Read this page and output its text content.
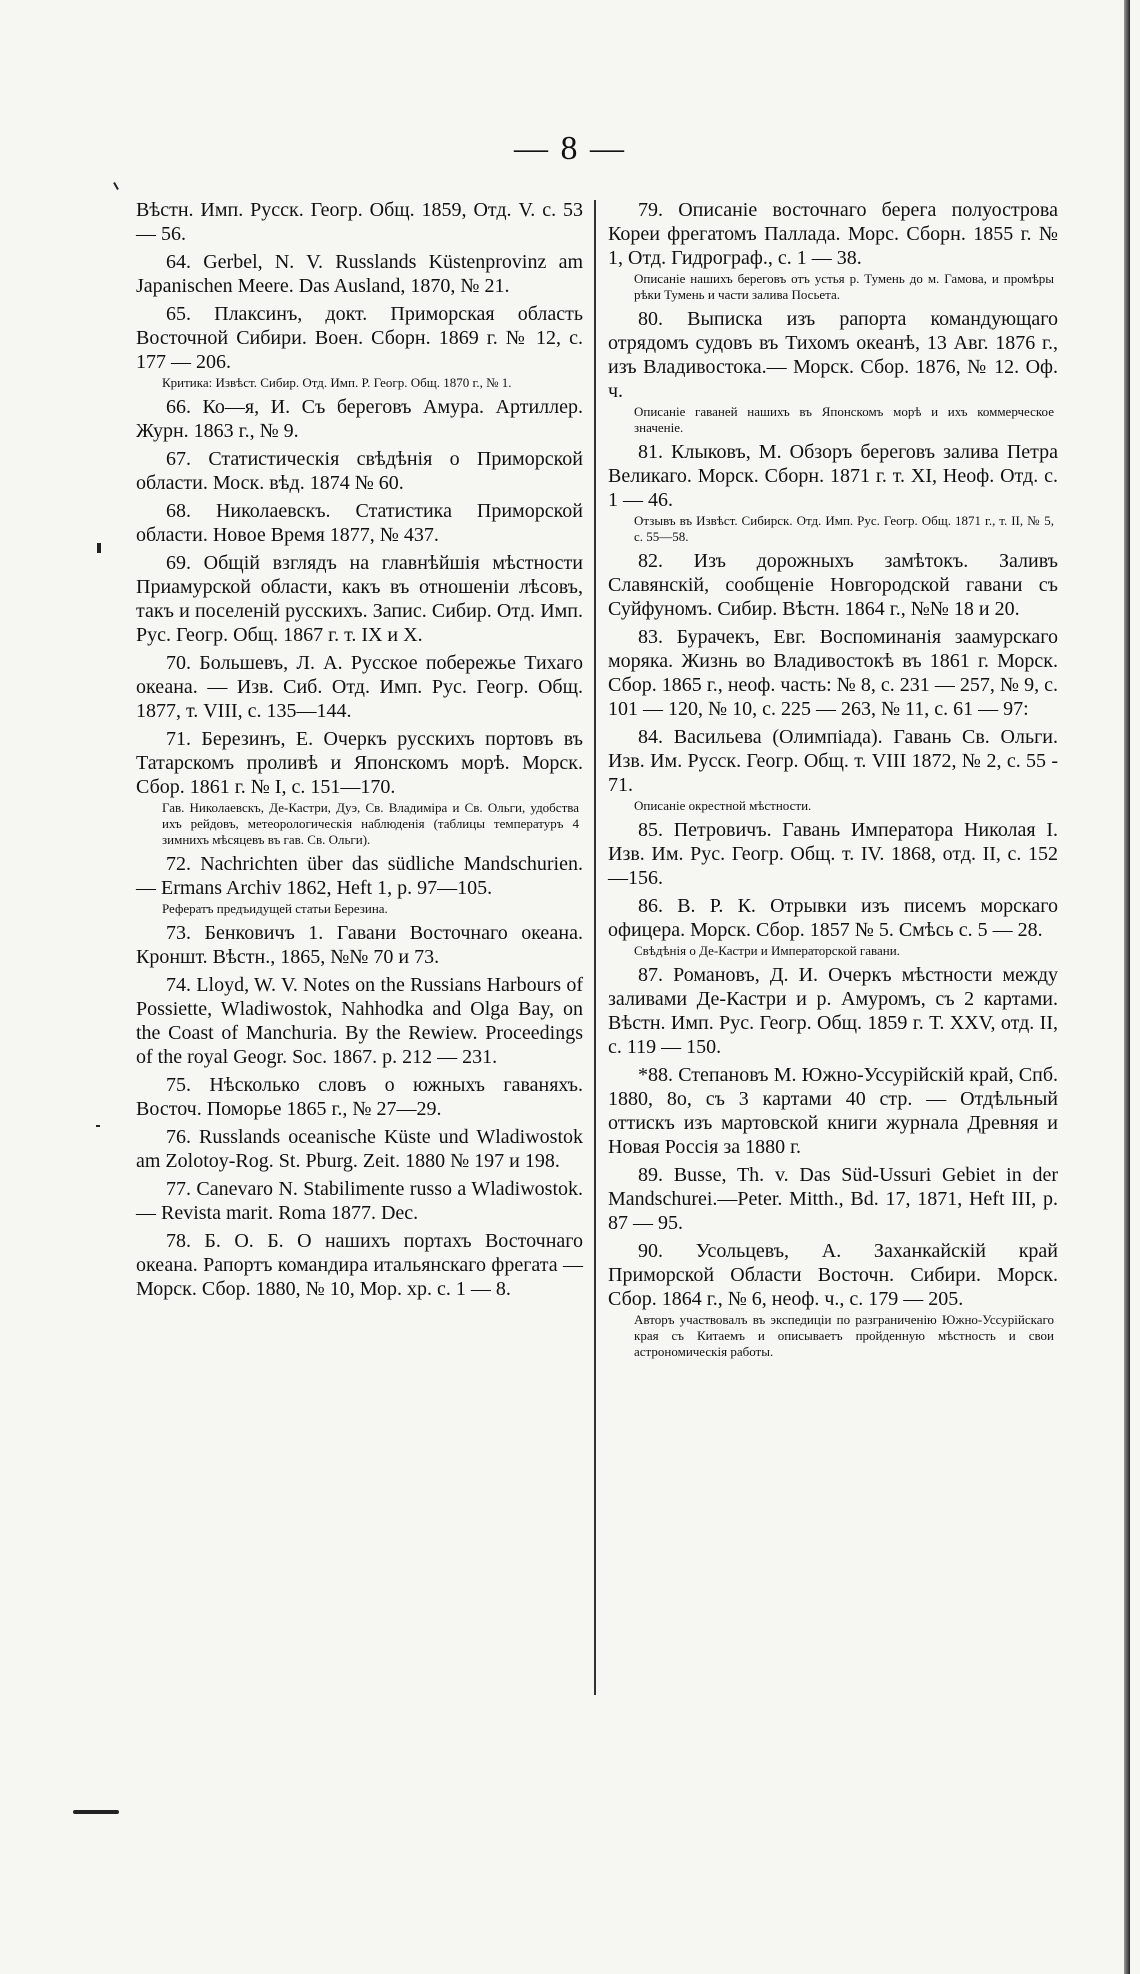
— 8 —
Вѣстн. Имп. Русск. Геогр. Общ. 1859, Отд. V. с. 53 — 56.
64. Gerbel, N. V. Russlands Küstenprovinz am Japanischen Meere. Das Ausland, 1870, № 21.
65. Плаксинъ, докт. Приморская область Восточной Сибири. Воен. Сборн. 1869 г. № 12, с. 177 — 206.
Критика: Извѣст. Сибир. Отд. Имп. Р. Геогр. Общ. 1870 г., № 1.
66. Ко—я, И. Съ береговъ Амура. Артиллер. Журн. 1863 г., № 9.
67. Статистическія свѣдѣнія о Приморской области. Моск. вѣд. 1874 № 60.
68. Николаевскъ. Статистика Приморской области. Новое Время 1877, № 437.
69. Общій взглядъ на главнѣйшія мѣстности Приамурской области, какъ въ отношеніи лѣсовъ, такъ и поселеній русскихъ. Запис. Сибир. Отд. Имп. Рус. Геогр. Общ. 1867 г. т. IX и X.
70. Большевъ, Л. А. Русское побережье Тихаго океана. — Изв. Сиб. Отд. Имп. Рус. Геогр. Общ. 1877, т. VIII, с. 135—144.
71. Березинъ, Е. Очеркъ русскихъ портовъ въ Татарскомъ проливѣ и Японскомъ морѣ. Морск. Сбор. 1861 г. № I, с. 151—170.
Гав. Николаевскъ, Де-Кастри, Дуэ, Св. Владиміра и Св. Ольги, удобства ихъ рейдовъ, метеорологическія наблюденія (таблицы температуръ 4 зимнихъ мѣсяцевъ въ гав. Св. Ольги).
72. Nachrichten über das südliche Mandschurien. — Ermans Archiv 1862, Heft 1, p. 97—105.
Рефератъ предъидущей статьи Березина.
73. Бенковичъ 1. Гавани Восточнаго океана. Кроншт. Вѣстн., 1865, №№ 70 и 73.
74. Lloyd, W. V. Notes on the Russians Harbours of Possiette, Wladiwostok, Nahhodka and Olga Bay, on the Coast of Manchuria. By the Rewiew. Proceedings of the royal Geogr. Soc. 1867. p. 212 — 231.
75. Нѣсколько словъ о южныхъ гаваняхъ. Восточ. Поморье 1865 г., № 27—29.
76. Russlands oceanische Küste und Wladiwostok am Zolotoy-Rog. St. Pburg. Zeit. 1880 № 197 и 198.
77. Canevaro N. Stabilimente russo a Wladiwostok. — Revista marit. Roma 1877. Dec.
78. Б. О. Б. О нашихъ портахъ Восточнаго океана. Рапортъ командира итальянскаго фрегата — Морск. Сбор. 1880, № 10, Мор. хр. с. 1 — 8.
79. Описаніе восточнаго берега полуострова Кореи фрегатомъ Паллада. Морс. Сборн. 1855 г. № 1, Отд. Гидрограф., с. 1 — 38.
Описаніе нашихъ береговъ отъ устья р. Тумень до м. Гамова, и промѣры рѣки Тумень и части залива Посьета.
80. Выписка изъ рапорта командующаго отрядомъ судовъ въ Тихомъ океанѣ, 13 Авг. 1876 г., изъ Владивостока.— Морск. Сбор. 1876, № 12. Оф. ч.
Описаніе гаваней нашихъ въ Японскомъ морѣ и ихъ коммерческое значеніе.
81. Клыковъ, М. Обзоръ береговъ залива Петра Великаго. Морск. Сборн. 1871 г. т. XI, Неоф. Отд. с. 1 — 46.
Отзывъ въ Извѣст. Сибирск. Отд. Имп. Рус. Геогр. Общ. 1871 г., т. II, № 5, с. 55—58.
82. Изъ дорожныхъ замѣтокъ. Заливъ Славянскій, сообщеніе Новгородской гавани съ Суйфуномъ. Сибир. Вѣстн. 1864 г., №№ 18 и 20.
83. Бурачекъ, Евг. Воспоминанія заамурскаго моряка. Жизнь во Владивостокѣ въ 1861 г. Морск. Сбор. 1865 г., неоф. часть: № 8, с. 231 — 257, № 9, с. 101 — 120, № 10, с. 225 — 263, № 11, с. 61 — 97:
84. Васильева (Олимпіада). Гавань Св. Ольги. Изв. Им. Русск. Геогр. Общ. т. VIII 1872, № 2, с. 55 - 71.
Описаніе окрестной мѣстности.
85. Петровичъ. Гавань Императора Николая I. Изв. Им. Рус. Геогр. Общ. т. IV. 1868, отд. II, с. 152—156.
86. В. Р. К. Отрывки изъ писемъ морскаго офицера. Морск. Сбор. 1857 № 5. Смѣсь с. 5 — 28.
Свѣдѣнія о Де-Кастри и Императорской гавани.
87. Романовъ, Д. И. Очеркъ мѣстности между заливами Де-Кастри и р. Амуромъ, съ 2 картами. Вѣстн. Имп. Рус. Геогр. Общ. 1859 г. Т. XXV, отд. II, с. 119 — 150.
*88. Степановъ М. Южно-Уссурійскій край, Спб. 1880, 8о, съ 3 картами 40 стр. — Отдѣльный оттискъ изъ мартовской книги журнала Древняя и Новая Россія за 1880 г.
89. Busse, Th. v. Das Süd-Ussuri Gebiet in der Mandschurei.—Peter. Mitth., Bd. 17, 1871, Heft III, p. 87 — 95.
90. Усольцевъ, А. Заханкайскій край Приморской Области Восточн. Сибири. Морск. Сбор. 1864 г., № 6, неоф. ч., с. 179 — 205.
Авторъ участвовалъ въ экспедиціи по разграниченію Южно-Уссурійскаго края съ Китаемъ и описываетъ пройденную мѣстность и свои астрономическія работы.
